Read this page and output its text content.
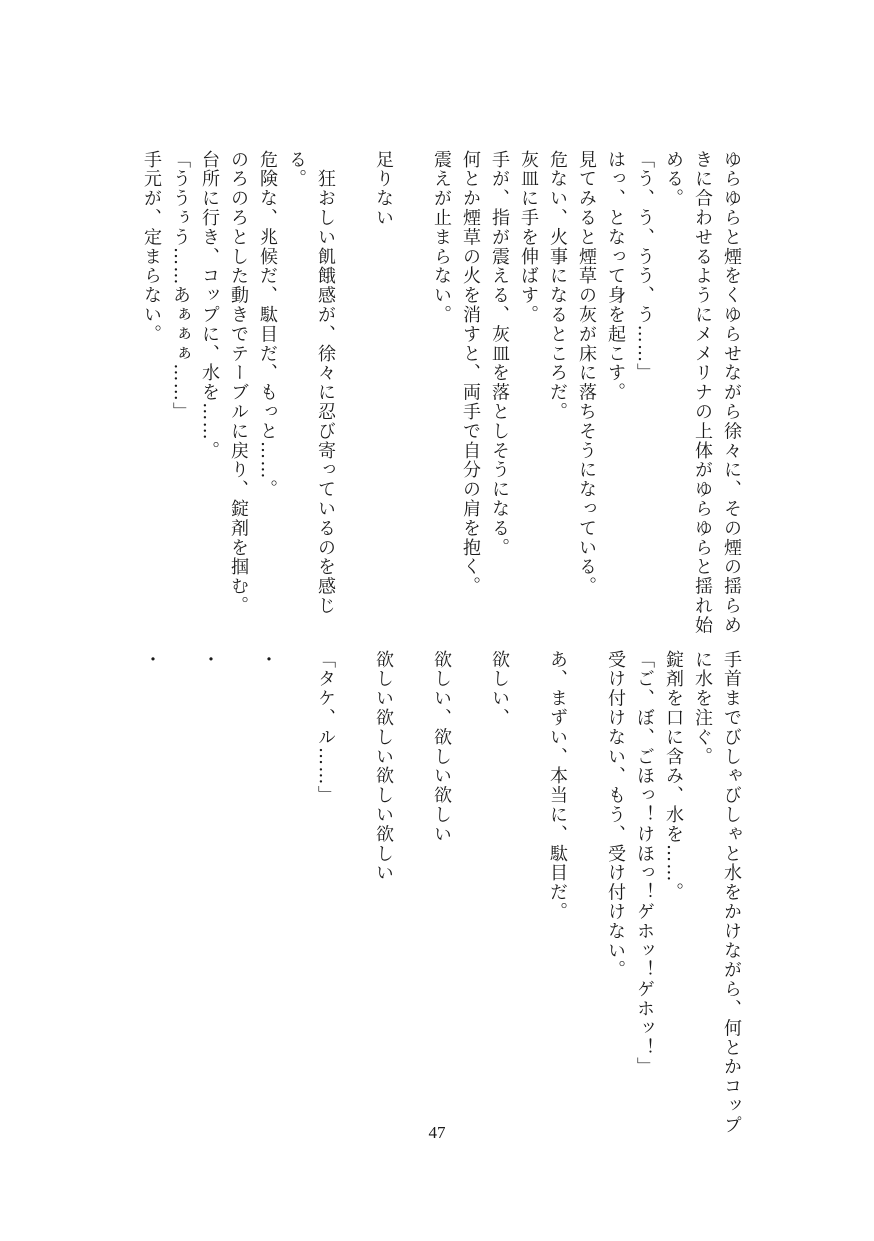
ゆらゆらと煙をくゆらせながら徐々に、その煙の揺らめ

きに合わせるようにメメリナの上体がゆらゆらと揺れ始

める。

「う、う、うう、う……」

はっ、となって身を起こす。

見てみると煙草の灰が床に落ちそうになっている。

危ない、火事になるところだ。

灰皿に手を伸ばす。

手が、指が震える、灰皿を落としそうになる。

何とか煙草の火を消すと、両手で自分の肩を抱く。

震えが止まらない。

足りない

　狂おしい飢餓感が、徐々に忍び寄っているのを感じ

る。

危険な、兆候だ、駄目だ、もっと……。

のろのろとした動きでテーブルに戻り、錠剤を掴む。

台所に行き、コップに、水を……。

「ううぅう……あぁぁぁ……」

手元が、定まらない。

手首までびしゃびしゃと水をかけながら、何とかコップ

に水を注ぐ。

錠剤を口に含み、水を……。

「ご、ぼ、ごほっ！けほっ！ゲホッ！ゲホッ！」

受け付けない、もう、受け付けない。

あ、まずい、本当に、駄目だ。

欲しい、

欲しい、欲しい欲しい

欲しい欲しい欲しい欲しい

「タケ、ル……」

・

・

・

47
